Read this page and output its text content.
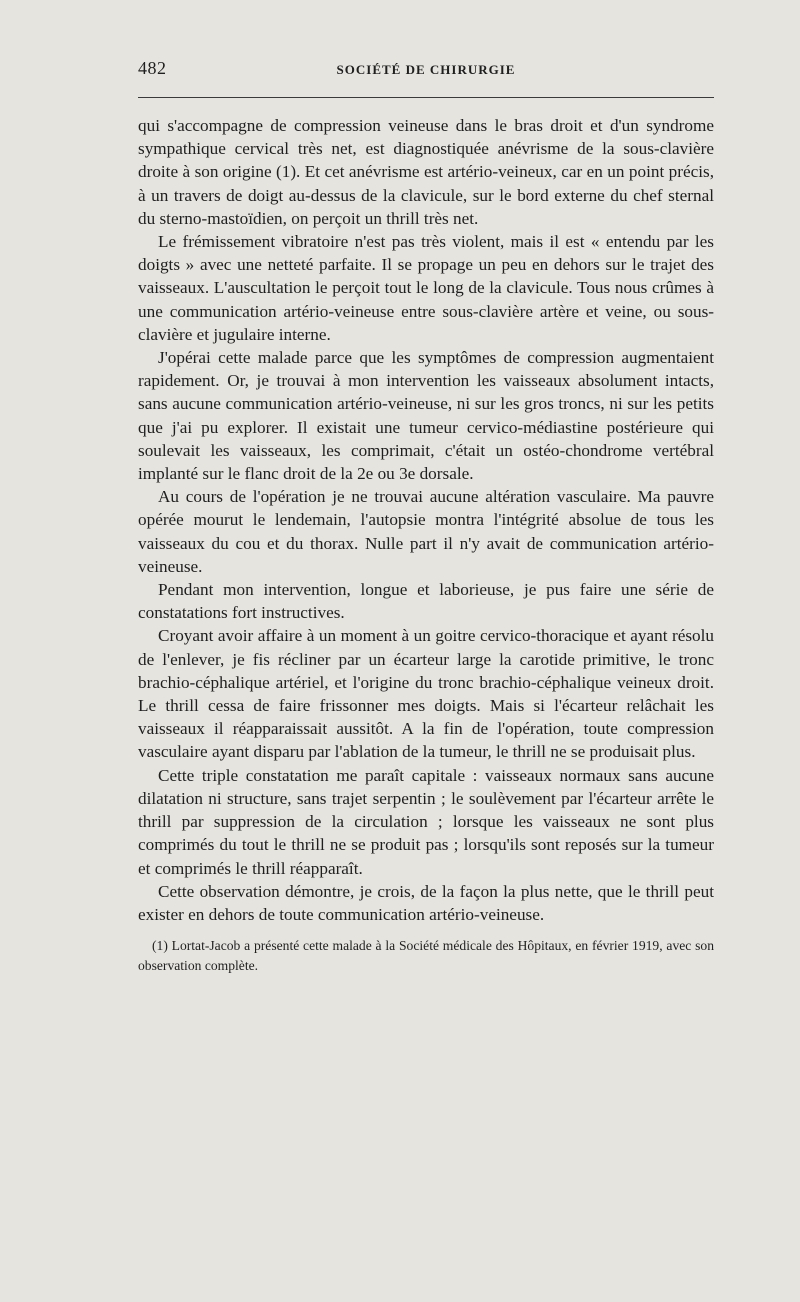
482	SOCIÉTÉ DE CHIRURGIE

qui s'accompagne de compression veineuse dans le bras droit et d'un syndrome sympathique cervical très net, est diagnostiquée anévrisme de la sous-clavière droite à son origine (1). Et cet anévrisme est artério-veineux, car en un point précis, à un travers de doigt au-dessus de la clavicule, sur le bord externe du chef sternal du sterno-mastoïdien, on perçoit un thrill très net.

Le frémissement vibratoire n'est pas très violent, mais il est « entendu par les doigts » avec une netteté parfaite. Il se propage un peu en dehors sur le trajet des vaisseaux. L'auscultation le perçoit tout le long de la clavicule. Tous nous crûmes à une communication artério-veineuse entre sous-clavière artère et veine, ou sous-clavière et jugulaire interne.

J'opérai cette malade parce que les symptômes de compression augmentaient rapidement. Or, je trouvai à mon intervention les vaisseaux absolument intacts, sans aucune communication artério-veineuse, ni sur les gros troncs, ni sur les petits que j'ai pu explorer. Il existait une tumeur cervico-médiastine postérieure qui soulevait les vaisseaux, les comprimait, c'était un ostéo-chondrome vertébral implanté sur le flanc droit de la 2e ou 3e dorsale.

Au cours de l'opération je ne trouvai aucune altération vasculaire. Ma pauvre opérée mourut le lendemain, l'autopsie montra l'intégrité absolue de tous les vaisseaux du cou et du thorax. Nulle part il n'y avait de communication artério-veineuse.

Pendant mon intervention, longue et laborieuse, je pus faire une série de constatations fort instructives.

Croyant avoir affaire à un moment à un goitre cervico-thoracique et ayant résolu de l'enlever, je fis récliner par un écarteur large la carotide primitive, le tronc brachio-céphalique artériel, et l'origine du tronc brachio-céphalique veineux droit. Le thrill cessa de faire frissonner mes doigts. Mais si l'écarteur relâchait les vaisseaux il réapparaissait aussitôt. A la fin de l'opération, toute compression vasculaire ayant disparu par l'ablation de la tumeur, le thrill ne se produisait plus.

Cette triple constatation me paraît capitale : vaisseaux normaux sans aucune dilatation ni structure, sans trajet serpentin ; le soulèvement par l'écarteur arrête le thrill par suppression de la circulation ; lorsque les vaisseaux ne sont plus comprimés du tout le thrill ne se produit pas ; lorsqu'ils sont reposés sur la tumeur et comprimés le thrill réapparaît.

Cette observation démontre, je crois, de la façon la plus nette, que le thrill peut exister en dehors de toute communication artério-veineuse.

(1) Lortat-Jacob a présenté cette malade à la Société médicale des Hôpitaux, en février 1919, avec son observation complète.
